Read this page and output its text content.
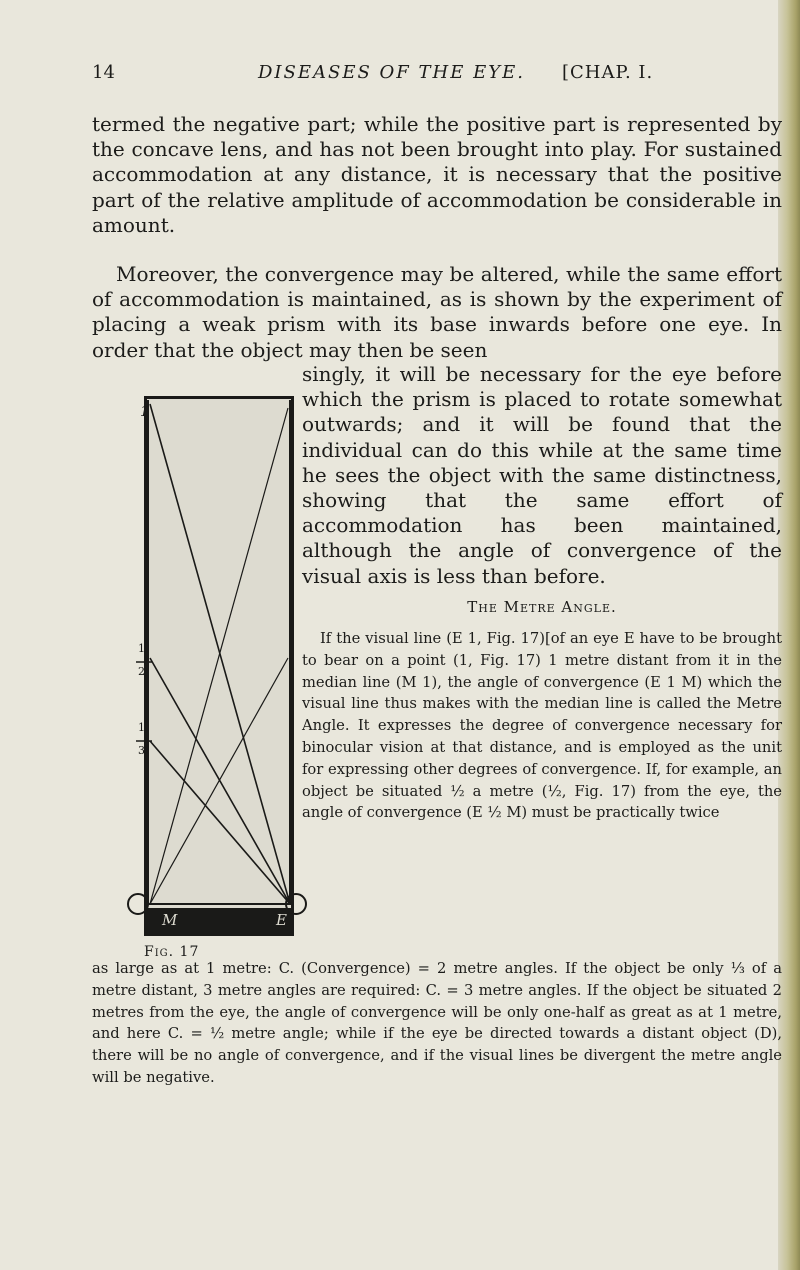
14	DISEASES OF THE EYE. [CHAP. I.
termed the negative part; while the positive part is represented by the concave lens, and has not been brought into play. For sustained accommodation at any distance, it is necessary that the positive part of the relative amplitude of accommodation be considerable in amount.
Moreover, the convergence may be altered, while the same effort of accommodation is maintained, as is shown by the experiment of placing a weak prism with its base inwards before one eye. In order that the object may then be seen
singly, it will be necessary for the eye before which the prism is placed to rotate somewhat outwards; and it will be found that the individual can do this while at the same time he sees the object with the same distinctness, showing that the same effort of accommodation has been maintained, although the angle of convergence of the visual axis is less than before.
The Metre Angle.
If the visual line (E 1, Fig. 17)[of an eye E have to be brought to bear on a point (1, Fig. 17) 1 metre distant from it in the median line (M 1), the angle of convergence (E 1 M) which the visual line thus makes with the median line is called the Metre Angle. It expresses the degree of convergence necessary for binocular vision at that distance, and is employed as the unit for expressing other degrees of convergence. If, for example, an object be situated ½ a metre (½, Fig. 17) from the eye, the angle of convergence (E ½ M) must be practically twice
as large as at 1 metre: C. (Convergence) = 2 metre angles. If the object be only ⅓ of a metre distant, 3 metre angles are required: C. = 3 metre angles. If the object be situated 2 metres from the eye, the angle of convergence will be only one-half as great as at 1 metre, and here C. = ½ metre angle; while if the eye be directed towards a distant object (D), there will be no angle of convergence, and if the visual lines be divergent the metre angle will be negative.
1
1
2
1
3
M	E
Fig. 17
